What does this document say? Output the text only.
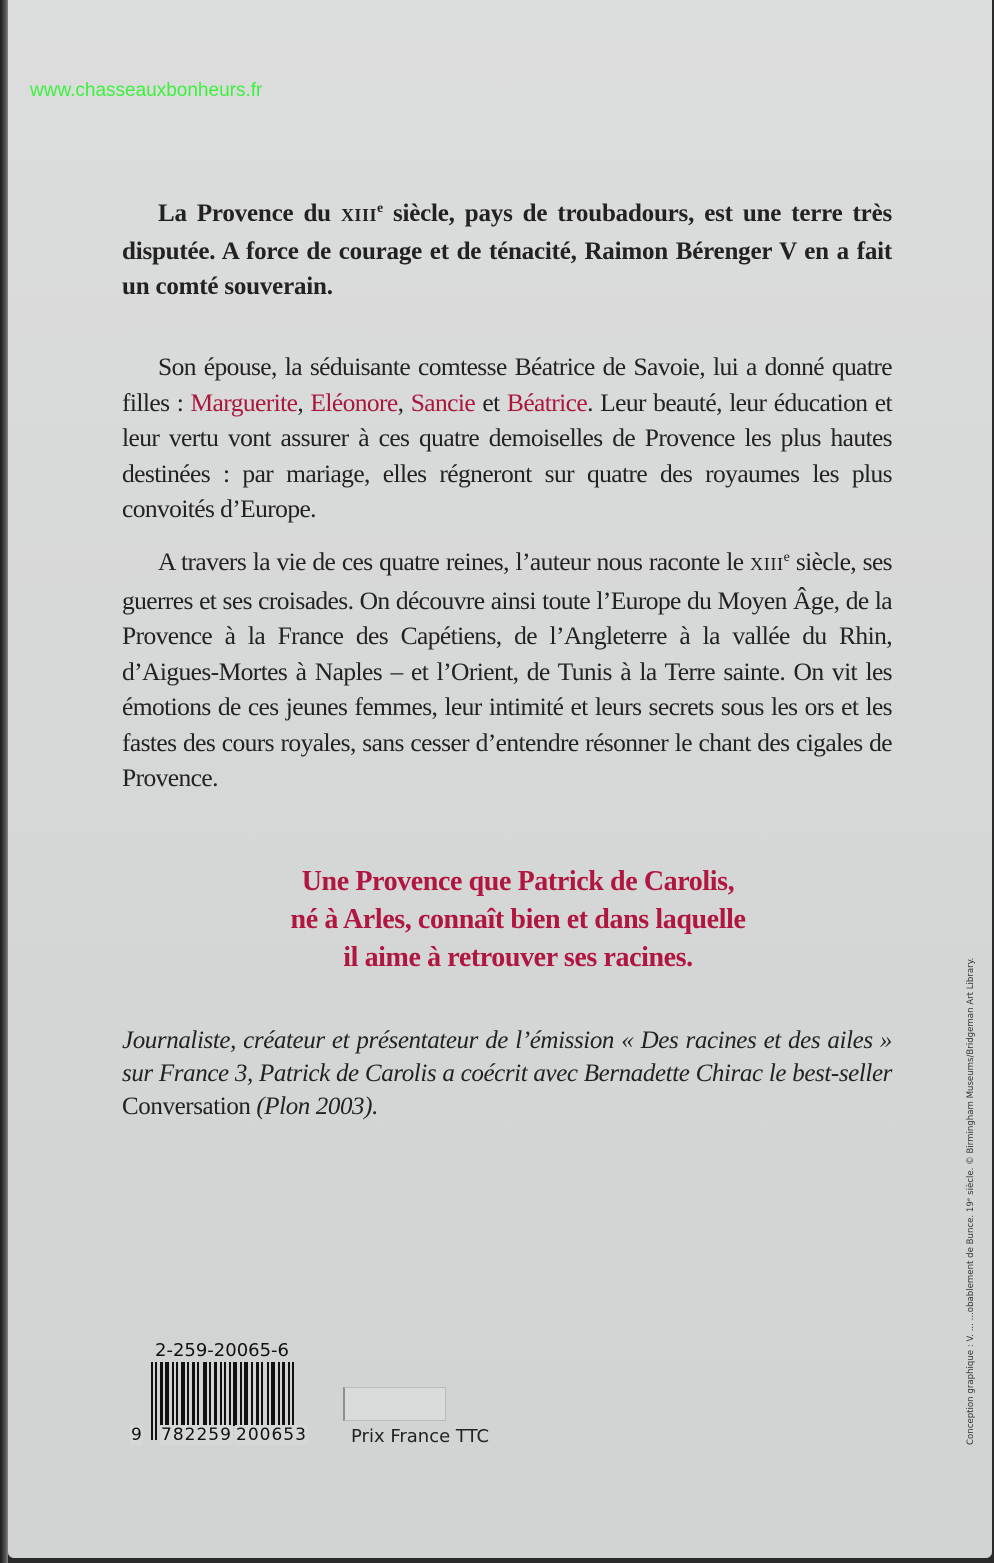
www.chasseauxbonheurs.fr

La Provence du XIIIe siècle, pays de troubadours, est une terre très disputée. A force de courage et de ténacité, Raimon Bérenger V en a fait un comté souverain.

Son épouse, la séduisante comtesse Béatrice de Savoie, lui a donné quatre filles : Marguerite, Eléonore, Sancie et Béatrice. Leur beauté, leur éducation et leur vertu vont assurer à ces quatre demoiselles de Provence les plus hautes destinées : par mariage, elles régneront sur quatre des royaumes les plus convoités d’Europe.

A travers la vie de ces quatre reines, l’auteur nous raconte le XIIIe siècle, ses guerres et ses croisades. On découvre ainsi toute l’Europe du Moyen Âge, de la Provence à la France des Capétiens, de l’Angleterre à la vallée du Rhin, d’Aigues-Mortes à Naples – et l’Orient, de Tunis à la Terre sainte. On vit les émotions de ces jeunes femmes, leur intimité et leurs secrets sous les ors et les fastes des cours royales, sans cesser d’entendre résonner le chant des cigales de Provence.

Une Provence que Patrick de Carolis,
né à Arles, connaît bien et dans laquelle
il aime à retrouver ses racines.
Journaliste, créateur et présentateur de l’émission « Des racines et des ailes » sur France 3, Patrick de Carolis a coécrit avec Bernadette Chirac le best-seller Conversation (Plon 2003).
2-259-20065-6
9 782259 200653 Prix France TTC	Conception graphique : V. ... ...obablement de Bunce. 19ᵉ siècle. © Birmingham Museums/Bridgeman Art Library.
